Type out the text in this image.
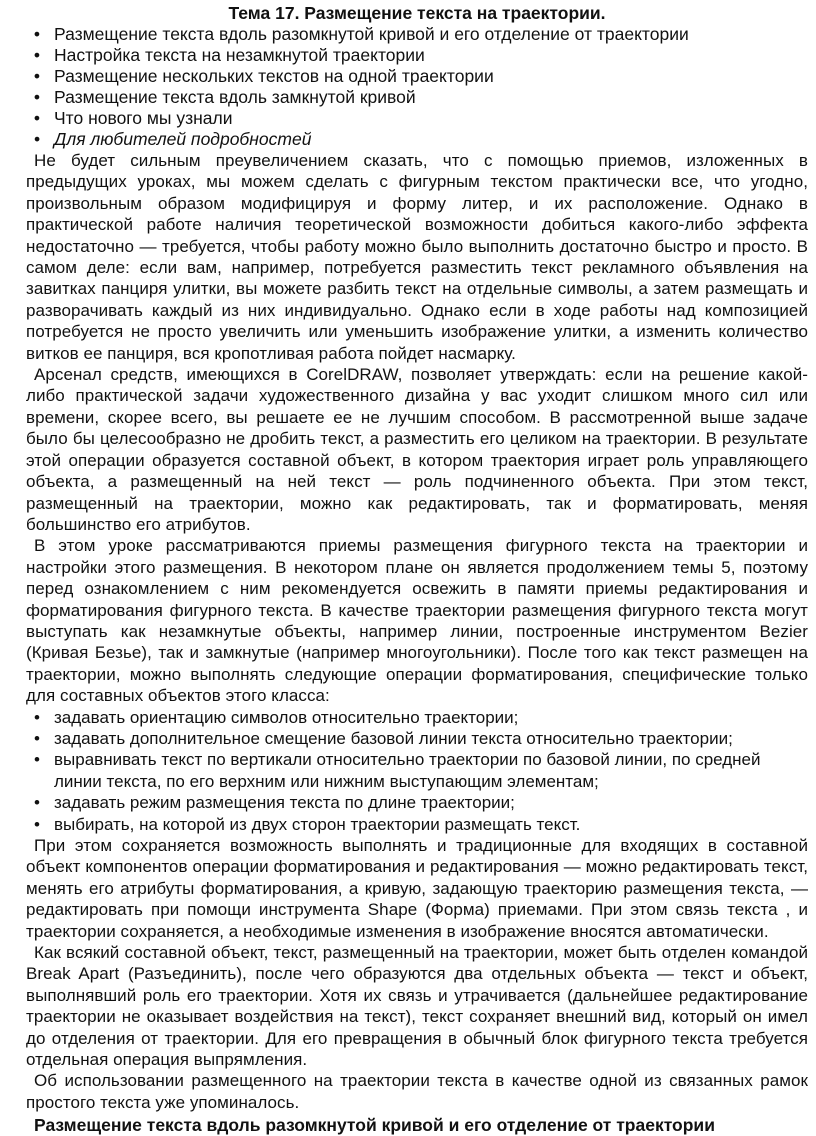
Тема 17. Размещение текста на траектории.
• Размещение текста вдоль разомкнутой кривой и его отделение от траектории
• Настройка текста на незамкнутой траектории
• Размещение нескольких текстов на одной траектории
• Размещение текста вдоль замкнутой кривой
• Что нового мы узнали
• Для любителей подробностей

Не будет сильным преувеличением сказать, что с помощью приемов, изложенных в предыдущих уроках, мы можем сделать с фигурным текстом практически все, что угодно, произвольным образом модифицируя и форму литер, и их расположение. Однако в практической работе наличия теоретической возможности добиться какого-либо эффекта недостаточно — требуется, чтобы работу можно было выполнить достаточно быстро и просто. В самом деле: если вам, например, потребуется разместить текст рекламного объявления на завитках панциря улитки, вы можете разбить текст на отдельные символы, а затем размещать и разворачивать каждый из них индивидуально. Однако если в ходе работы над композицией потребуется не просто увеличить или уменьшить изображение улитки, а изменить количество витков ее панциря, вся кропотливая работа пойдет насмарку.

Арсенал средств, имеющихся в CorelDRAW, позволяет утверждать: если на решение какой-либо практической задачи художественного дизайна у вас уходит слишком много сил или времени, скорее всего, вы решаете ее не лучшим способом. В рассмотренной выше задаче было бы целесообразно не дробить текст, а разместить его целиком на траектории. В результате этой операции образуется составной объект, в котором траектория играет роль управляющего объекта, а размещенный на ней текст — роль подчиненного объекта. При этом текст, размещенный на траектории, можно как редактировать, так и форматировать, меняя большинство его атрибутов.

В этом уроке рассматриваются приемы размещения фигурного текста на траектории и настройки этого размещения. В некотором плане он является продолжением темы 5, поэтому перед ознакомлением с ним рекомендуется освежить в памяти приемы редактирования и форматирования фигурного текста. В качестве траектории размещения фигурного текста могут выступать как незамкнутые объекты, например линии, построенные инструментом Bezier (Кривая Безье), так и замкнутые (например многоугольники). После того как текст размещен на траектории, можно выполнять следующие операции форматирования, специфические только для составных объектов этого класса:

• задавать ориентацию символов относительно траектории;
• задавать дополнительное смещение базовой линии текста относительно траектории;
• выравнивать текст по вертикали относительно траектории по базовой линии, по средней линии текста, по его верхним или нижним выступающим элементам;
• задавать режим размещения текста по длине траектории;
• выбирать, на которой из двух сторон траектории размещать текст.

При этом сохраняется возможность выполнять и традиционные для входящих в составной объект компонентов операции форматирования и редактирования — можно редактировать текст, менять его атрибуты форматирования, а кривую, задающую траекторию размещения текста, — редактировать при помощи инструмента Shape (Форма) приемами. При этом связь текста , и траектории сохраняется, а необходимые изменения в изображение вносятся автоматически.

Как всякий составной объект, текст, размещенный на траектории, может быть отделен командой Break Apart (Разъединить), после чего образуются два отдельных объекта — текст и объект, выполнявший роль его траектории. Хотя их связь и утрачивается (дальнейшее редактирование траектории не оказывает воздействия на текст), текст сохраняет внешний вид, который он имел до отделения от траектории. Для его превращения в обычный блок фигурного текста требуется отдельная операция выпрямления.

Об использовании размещенного на траектории текста в качестве одной из связанных рамок простого текста уже упоминалось.

Размещение текста вдоль разомкнутой кривой и его отделение от траектории
